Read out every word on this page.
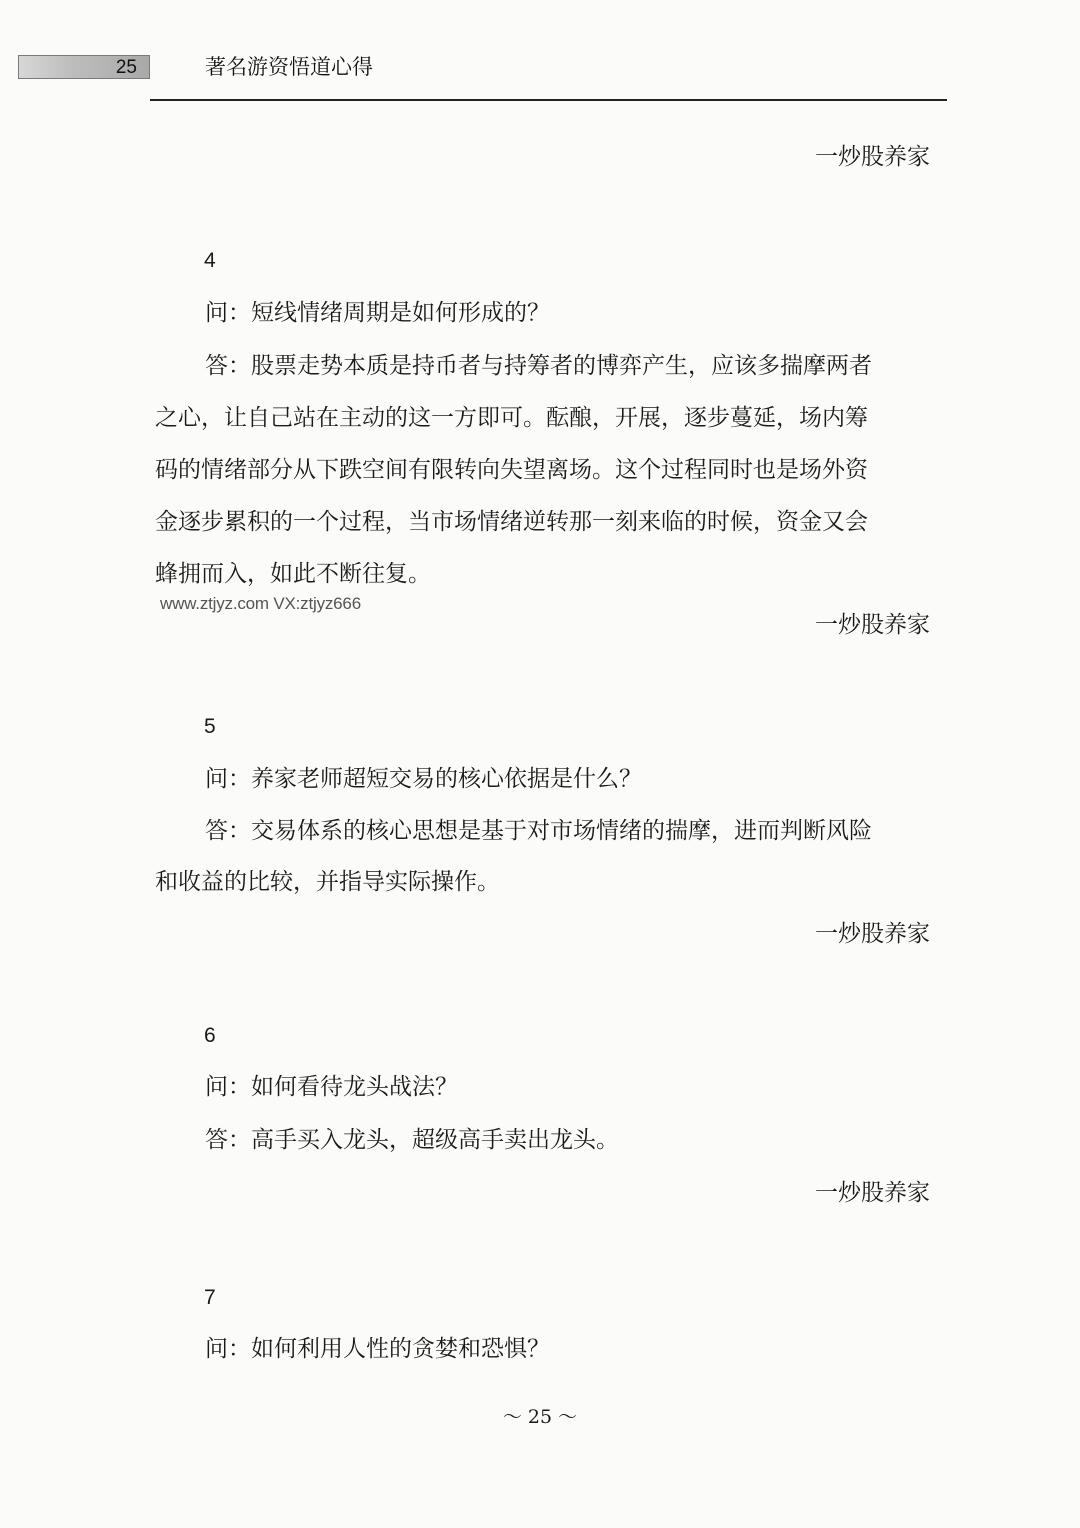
25	著名游资悟道心得
一炒股养家
4
问：短线情绪周期是如何形成的？
答：股票走势本质是持币者与持筹者的博弈产生，应该多揣摩两者
之心，让自己站在主动的这一方即可。酝酿，开展，逐步蔓延，场内筹
码的情绪部分从下跌空间有限转向失望离场。这个过程同时也是场外资
金逐步累积的一个过程，当市场情绪逆转那一刻来临的时候，资金又会
蜂拥而入，如此不断往复。
www.ztjyz.com VX:ztjyz666
一炒股养家
5
问：养家老师超短交易的核心依据是什么？
答：交易体系的核心思想是基于对市场情绪的揣摩，进而判断风险
和收益的比较，并指导实际操作。
一炒股养家
6
问：如何看待龙头战法？
答：高手买入龙头，超级高手卖出龙头。
一炒股养家
7
问：如何利用人性的贪婪和恐惧？
～ 25 ～
